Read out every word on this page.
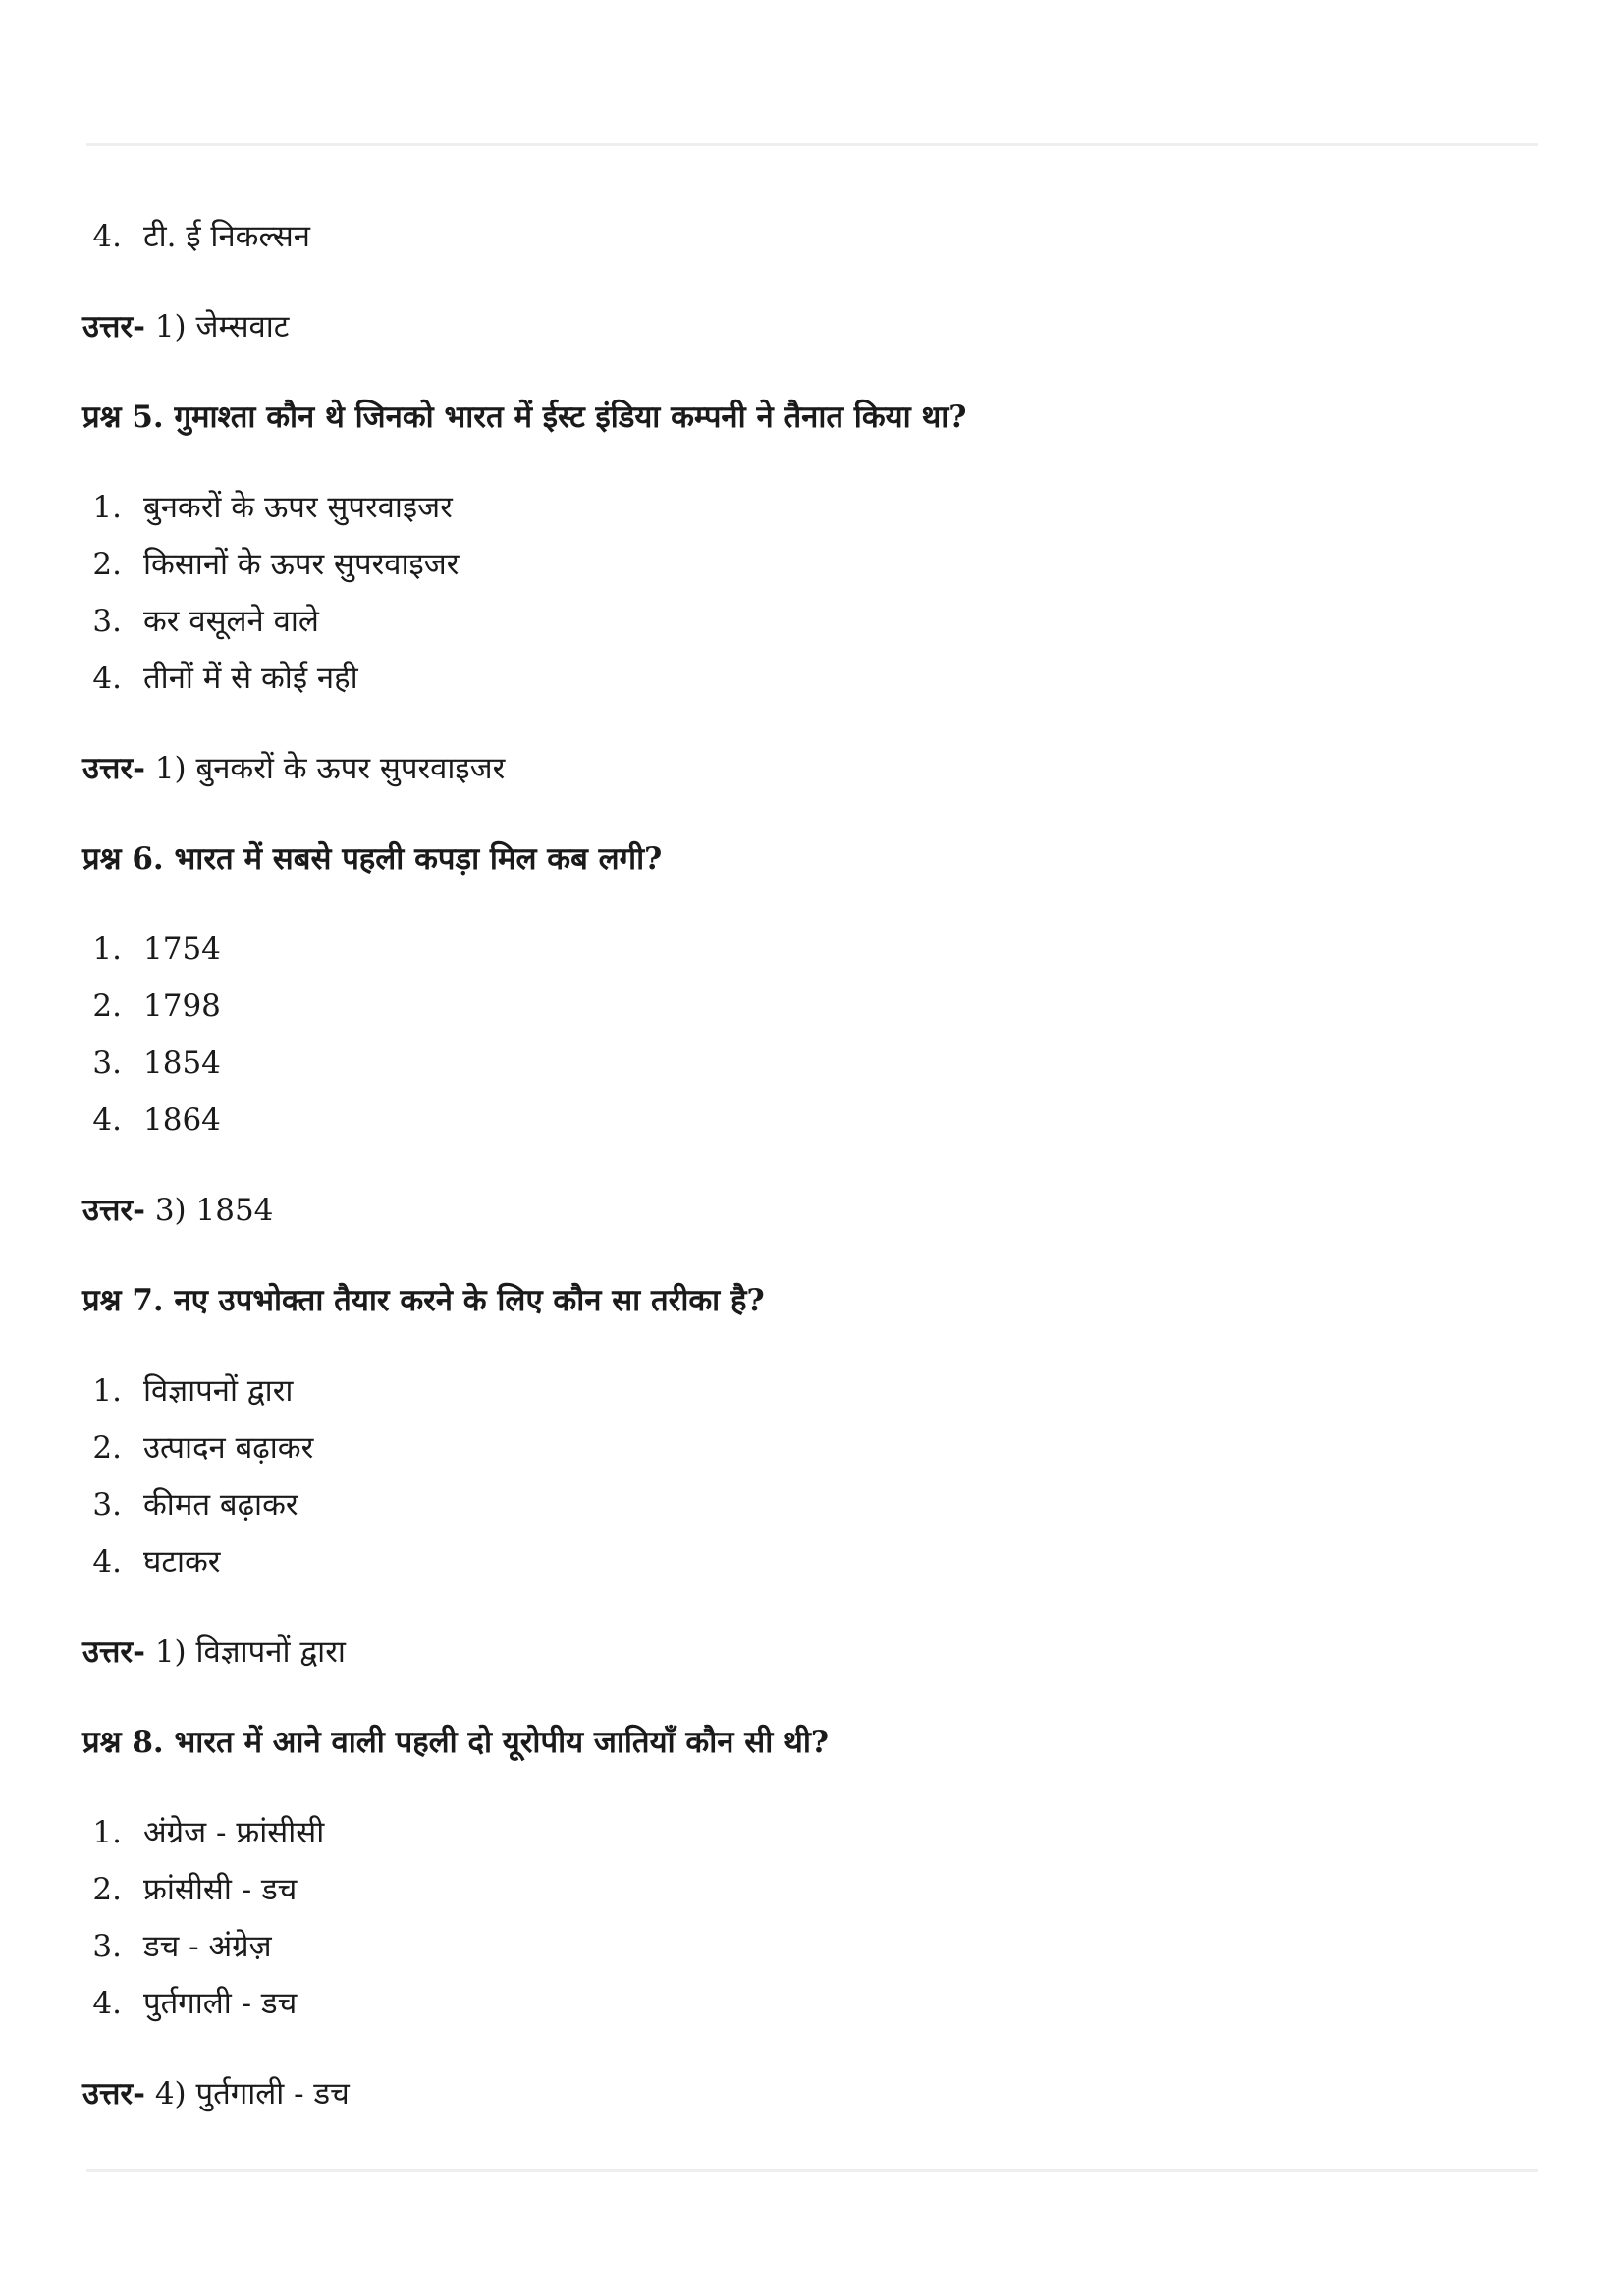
4. टी. ई निकल्सन
उत्तर- 1) जेम्सवाट
प्रश्न 5. गुमाश्ता कौन थे जिनको भारत में ईस्ट इंडिया कम्पनी ने तैनात किया था?
1. बुनकरों के ऊपर सुपरवाइजर
2. किसानों के ऊपर सुपरवाइजर
3. कर वसूलने वाले
4. तीनों में से कोई नही
उत्तर- 1) बुनकरों के ऊपर सुपरवाइजर
प्रश्न 6. भारत में सबसे पहली कपड़ा मिल कब लगी?
1. 1754
2. 1798
3. 1854
4. 1864
उत्तर- 3) 1854
प्रश्न 7. नए उपभोक्ता तैयार करने के लिए कौन सा तरीका है?
1. विज्ञापनों द्वारा
2. उत्पादन बढ़ाकर
3. कीमत बढ़ाकर
4. घटाकर
उत्तर- 1) विज्ञापनों द्वारा
प्रश्न 8. भारत में आने वाली पहली दो यूरोपीय जातियाँ कौन सी थी?
1. अंग्रेज - फ्रांसीसी
2. फ्रांसीसी - डच
3. डच - अंग्रेज़
4. पुर्तगाली - डच
उत्तर- 4) पुर्तगाली - डच
